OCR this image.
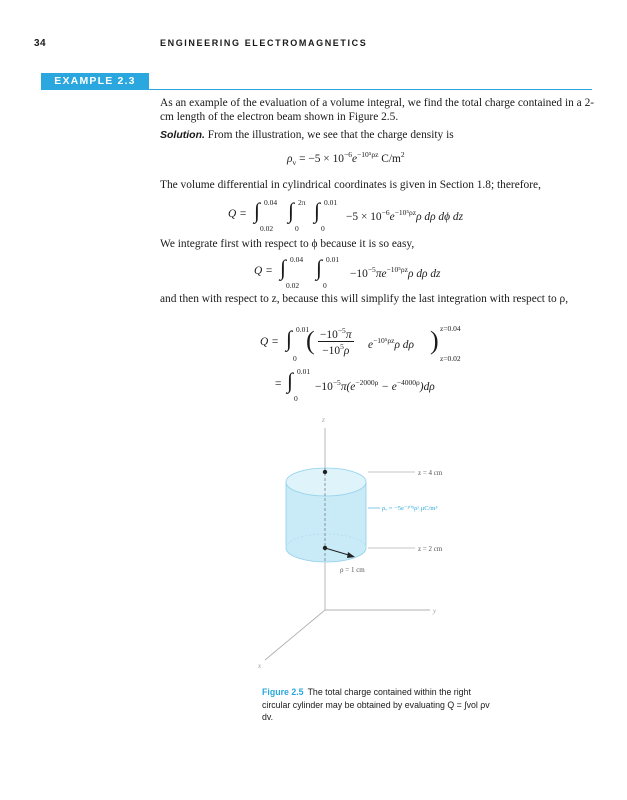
34	ENGINEERING ELECTROMAGNETICS
EXAMPLE 2.3
As an example of the evaluation of a volume integral, we find the total charge contained in a 2-cm length of the electron beam shown in Figure 2.5.
Solution. From the illustration, we see that the charge density is
$\rho_v = -5 \times 10^{-6}e^{-10^5\rho z}$ $C/m^2$
The volume differential in cylindrical coordinates is given in Section 1.8; therefore,
Q = ∫ 0.04
0.02
∫ 2π
0
∫ 0.01
0
$-5 \times 10^{-6}e^{-10^5\rho z}\rho$ dρ dϕ dz
We integrate first with respect to ϕ because it is so easy,
Q = ∫ 0.04
0.02
∫ 0.01
0
$-10^{-5}\pi e^{-10^5\rho z}\rho$ dρ dz
and then with respect to z, because this will simplify the last integration with respect to ρ,
Q = ∫ 0.01
0
( $\frac{-10^{-5}\pi}{-10^5\rho} e^{-10^5\rho z}\rho$ dρ ) z=0.04
z=0.02
= ∫ 0.01
0
$-10^{-5}\pi(e^{-2000\rho} - e^{-4000\rho})d\rho$
z
y
x
z = 4 cm
ρᵥ = −5e⁻¹⁰⁵ρᶻ μC/m³
z = 2 cm
ρ = 1 cm
Figure 2.5 The total charge contained within the right circular cylinder may be obtained by evaluating Q = ∫vol ρv dv.
